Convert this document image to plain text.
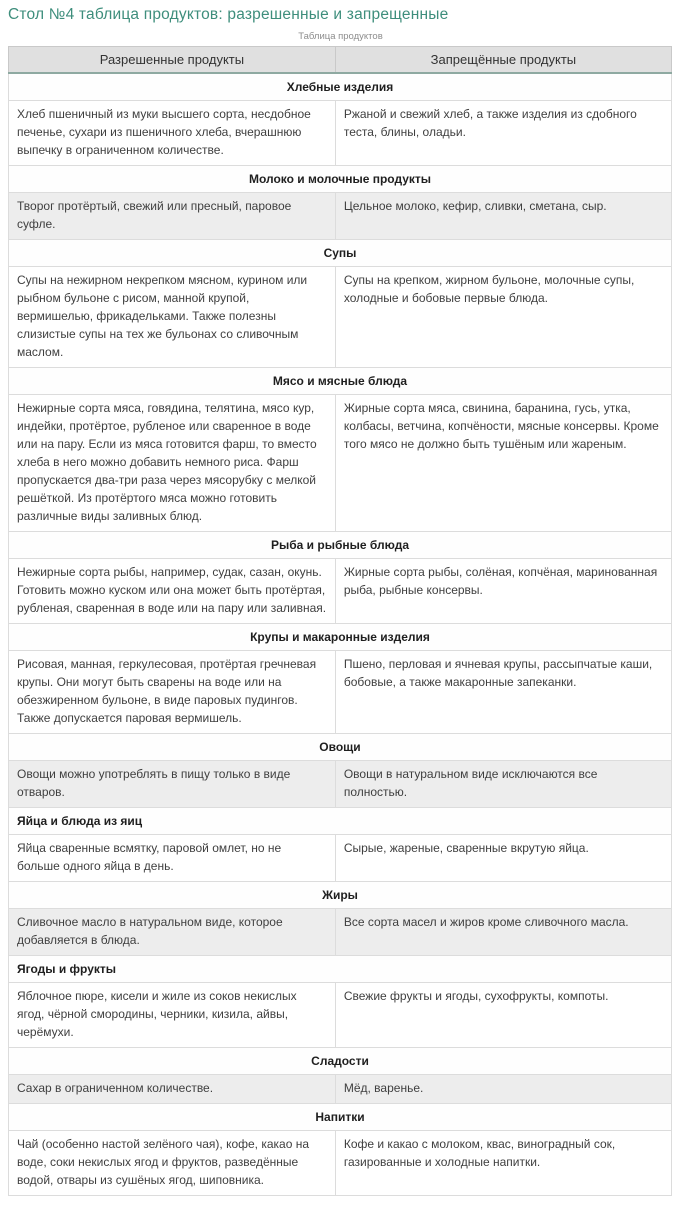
Стол №4 таблица продуктов: разрешенные и запрещенные
Таблица продуктов
Разрешенные продукты	Запрещённые продукты
Хлебные изделия	
Хлеб пшеничный из муки высшего сорта, несдобное печенье, сухари из пшеничного хлеба, вчерашнюю выпечку в ограниченном количестве.	Ржаной и свежий хлеб, а также изделия из сдобного теста, блины, оладьи.
Молоко и молочные продукты	
Творог протёртый, свежий или пресный, паровое суфле.	Цельное молоко, кефир, сливки, сметана, сыр.
Супы	
Супы на нежирном некрепком мясном, курином или рыбном бульоне с рисом, манной крупой, вермишелью, фрикадельками. Также полезны слизистые супы на тех же бульонах со сливочным маслом.	Супы на крепком, жирном бульоне, молочные супы, холодные и бобовые первые блюда.
Мясо и мясные блюда	
Нежирные сорта мяса, говядина, телятина, мясо кур, индейки, протёртое, рубленое или сваренное в воде или на пару. Если из мяса готовится фарш, то вместо хлеба в него можно добавить немного риса. Фарш пропускается два-три раза через мясорубку с мелкой решёткой. Из протёртого мяса можно готовить различные виды заливных блюд.	Жирные сорта мяса, свинина, баранина, гусь, утка, колбасы, ветчина, копчёности, мясные консервы. Кроме того мясо не должно быть тушёным или жареным.
Рыба и рыбные блюда	
Нежирные сорта рыбы, например, судак, сазан, окунь. Готовить можно куском или она может быть протёртая, рубленая, сваренная в воде или на пару или заливная.	Жирные сорта рыбы, солёная, копчёная, маринованная рыба, рыбные консервы.
Крупы и макаронные изделия	
Рисовая, манная, геркулесовая, протёртая гречневая крупы. Они могут быть сварены на воде или на обезжиренном бульоне, в виде паровых пудингов. Также допускается паровая вермишель.	Пшено, перловая и ячневая крупы, рассыпчатые каши, бобовые, а также макаронные запеканки.
Овощи	
Овощи можно употреблять в пищу только в виде отваров.	Овощи в натуральном виде исключаются все полностью.
Яйца и блюда из яиц	
Яйца сваренные всмятку, паровой омлет, но не больше одного яйца в день.	Сырые, жареные, сваренные вкрутую яйца.
Жиры	
Сливочное масло в натуральном виде, которое добавляется в блюда.	Все сорта масел и жиров кроме сливочного масла.
Ягоды и фрукты	
Яблочное пюре, кисели и жиле из соков некислых ягод, чёрной смородины, черники, кизила, айвы, черёмухи.	Свежие фрукты и ягоды, сухофрукты, компоты.
Сладости	
Сахар в ограниченном количестве.	Мёд, варенье.
Напитки	
Чай (особенно настой зелёного чая), кофе, какао на воде, соки некислых ягод и фруктов, разведённые водой, отвары из сушёных ягод, шиповника.	Кофе и какао с молоком, квас, виноградный сок, газированные и холодные напитки.
